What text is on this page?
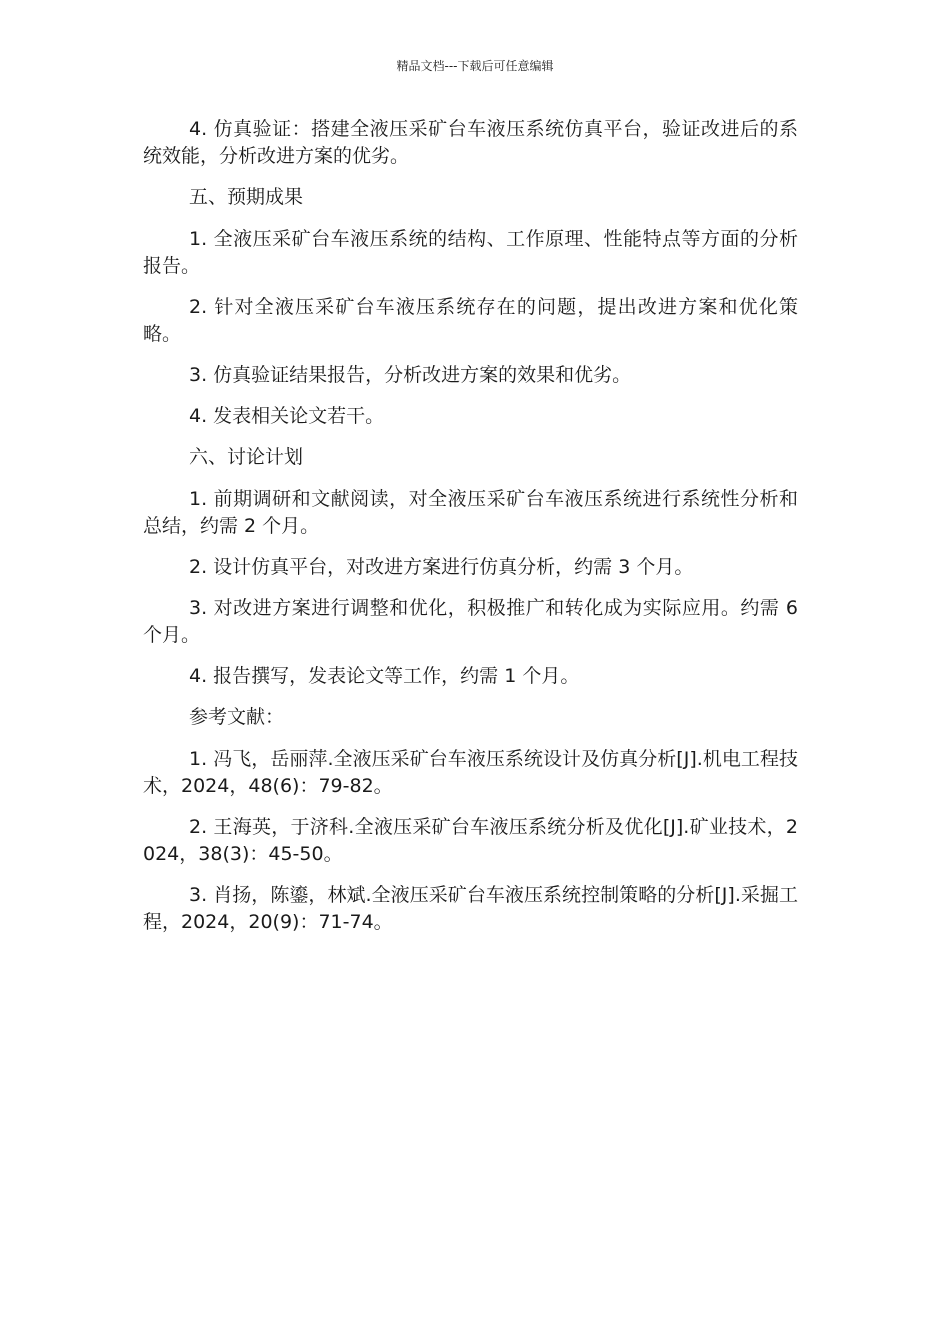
精品文档---下载后可任意编辑

4. 仿真验证：搭建全液压采矿台车液压系统仿真平台，验证改进后的系统效能，分析改进方案的优劣。

五、预期成果

1. 全液压采矿台车液压系统的结构、工作原理、性能特点等方面的分析报告。

2. 针对全液压采矿台车液压系统存在的问题，提出改进方案和优化策略。

3. 仿真验证结果报告，分析改进方案的效果和优劣。

4. 发表相关论文若干。

六、讨论计划

1. 前期调研和文献阅读，对全液压采矿台车液压系统进行系统性分析和总结，约需 2 个月。

2. 设计仿真平台，对改进方案进行仿真分析，约需 3 个月。

3. 对改进方案进行调整和优化，积极推广和转化成为实际应用。约需 6 个月。

4. 报告撰写，发表论文等工作，约需 1 个月。

参考文献：

1. 冯飞，岳丽萍.全液压采矿台车液压系统设计及仿真分析[J].机电工程技术，2024，48(6)：79-82。

2. 王海英，于济科.全液压采矿台车液压系统分析及优化[J].矿业技术，2024，38(3)：45-50。

3. 肖扬，陈鎏，林斌.全液压采矿台车液压系统控制策略的分析[J].采掘工程，2024，20(9)：71-74。
